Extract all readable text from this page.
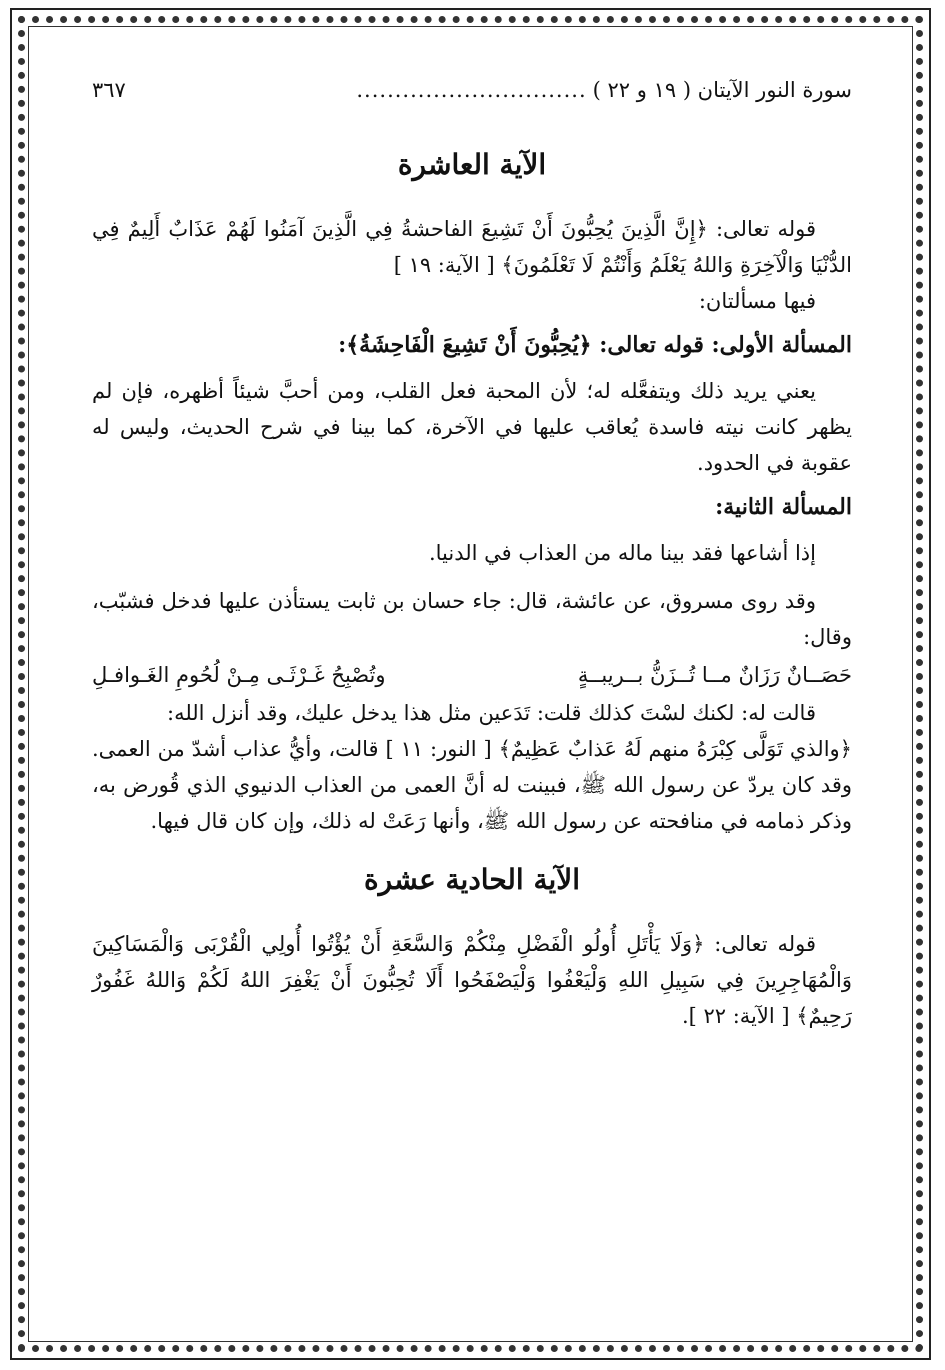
سورة النور الآيتان ( ١٩ و ٢٢ )
..............................
٣٦٧
الآية العاشرة

قوله تعالى: ﴿إِنَّ الَّذِينَ يُحِبُّونَ أَنْ تَشِيعَ الفاحشةُ فِي الَّذِينَ آمَنُوا لَهُمْ عَذَابٌ أَلِيمٌ فِي الدُّنْيَا وَالْآخِرَةِ وَاللهُ يَعْلَمُ وَأَنْتُمْ لَا تَعْلَمُونَ﴾ [ الآية: ١٩ ]

فيها مسألتان:

المسألة الأولى: قوله تعالى: ﴿يُحِبُّونَ أَنْ تَشِيعَ الْفَاحِشَةُ﴾:

يعني يريد ذلك ويتفعَّله له؛ لأن المحبة فعل القلب، ومن أحبَّ شيئاً أظهره، فإن لم يظهر كانت نيته فاسدة يُعاقب عليها في الآخرة، كما بينا في شرح الحديث، وليس له عقوبة في الحدود.

المسألة الثانية:

إذا أشاعها فقد بينا ماله من العذاب في الدنيا.

وقد روى مسروق، عن عائشة، قال: جاء حسان بن ثابت يستأذن عليها فدخل فشبّب، وقال:

حَصَــانٌ رَزَانٌ مــا تُــزَنُّ بــريبــةٍ
وتُصْبِحُ غَـرْثَـى مِـنْ لُحُومِ الغَـوافـلِ

قالت له: لكنك لسْتَ كذلك قلت: تَدَعين مثل هذا يدخل عليك، وقد أنزل الله:

﴿والذي تَوَلَّى كِبْرَهُ منهم لَهُ عَذابٌ عَظِيمٌ﴾ [ النور: ١١ ] قالت، وأيُّ عذاب أشدّ من العمى. وقد كان يردّ عن رسول الله ﷺ، فبينت له أنَّ العمى من العذاب الدنيوي الذي قُورض به، وذكر ذمامه في منافحته عن رسول الله ﷺ، وأنها رَعَتْ له ذلك، وإن كان قال فيها.

الآية الحادية عشرة

قوله تعالى: ﴿وَلَا يَأْتَلِ أُولُو الْفَضْلِ مِنْكُمْ وَالسَّعَةِ أَنْ يُؤْتُوا أُولِي الْقُرْبَى وَالْمَسَاكِينَ وَالْمُهَاجِرِينَ فِي سَبِيلِ اللهِ وَلْيَعْفُوا وَلْيَصْفَحُوا أَلَا تُحِبُّونَ أَنْ يَغْفِرَ اللهُ لَكُمْ وَاللهُ غَفُورٌ رَحِيمٌ﴾ [ الآية: ٢٢ ].
